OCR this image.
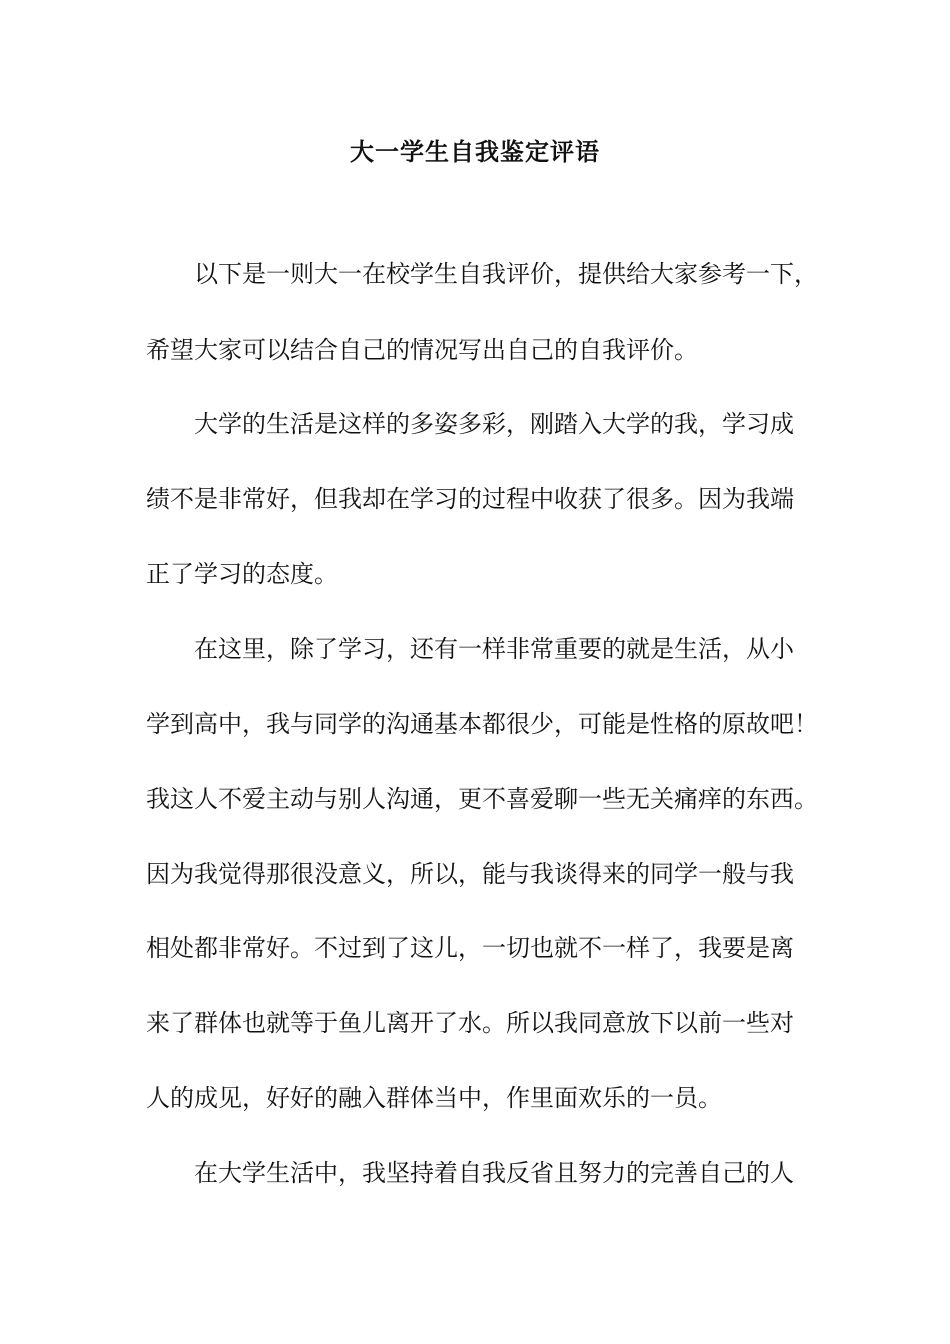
大一学生自我鉴定评语
以下是一则大一在校学生自我评价，提供给大家参考一下，
希望大家可以结合自己的情况写出自己的自我评价。
大学的生活是这样的多姿多彩，刚踏入大学的我，学习成
绩不是非常好，但我却在学习的过程中收获了很多。因为我端
正了学习的态度。
在这里，除了学习，还有一样非常重要的就是生活，从小
学到高中，我与同学的沟通基本都很少，可能是性格的原故吧！
我这人不爱主动与别人沟通，更不喜爱聊一些无关痛痒的东西。
因为我觉得那很没意义，所以，能与我谈得来的同学一般与我
相处都非常好。不过到了这儿，一切也就不一样了，我要是离
来了群体也就等于鱼儿离开了水。所以我同意放下以前一些对
人的成见，好好的融入群体当中，作里面欢乐的一员。
在大学生活中，我坚持着自我反省且努力的完善自己的人
